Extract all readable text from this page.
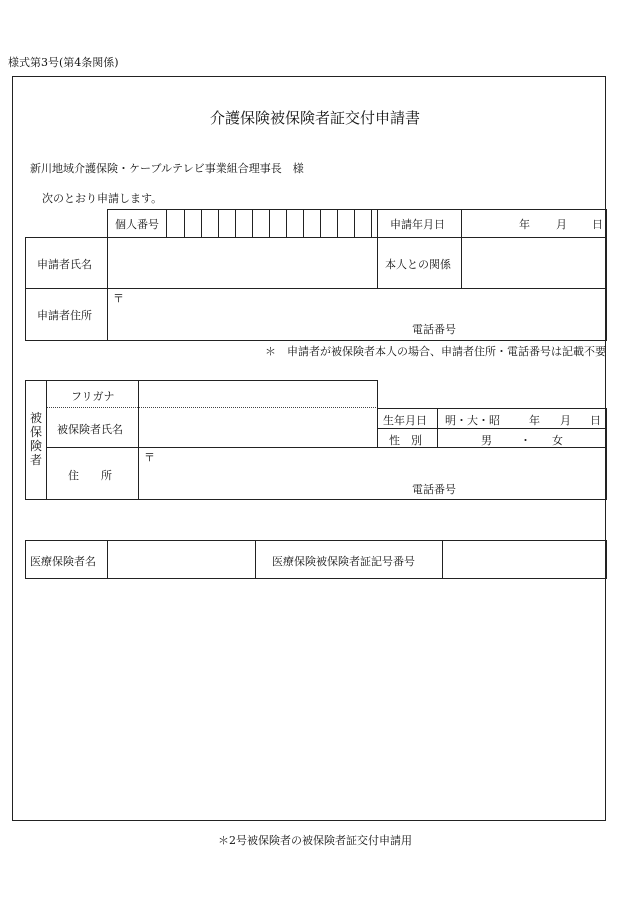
様式第3号(第4条関係)
介護保険被保険者証交付申請書
新川地域介護保険・ケーブルテレビ事業組合理事長　様
次のとおり申請します。
個人番号	申請年月日	年 月 日
申請者氏名	本人との関係
申請者住所
〒
電話番号
＊　申請者が被保険者本人の場合、申請者住所・電話番号は記載不要
被保険者
フリガナ
被保険者氏名
生年月日 明・大・昭	年 月 日
性　別	男	・ 女
住　　所
〒
電話番号
医療保険者名	医療保険被保険者証記号番号
＊2号被保険者の被保険者証交付申請用
